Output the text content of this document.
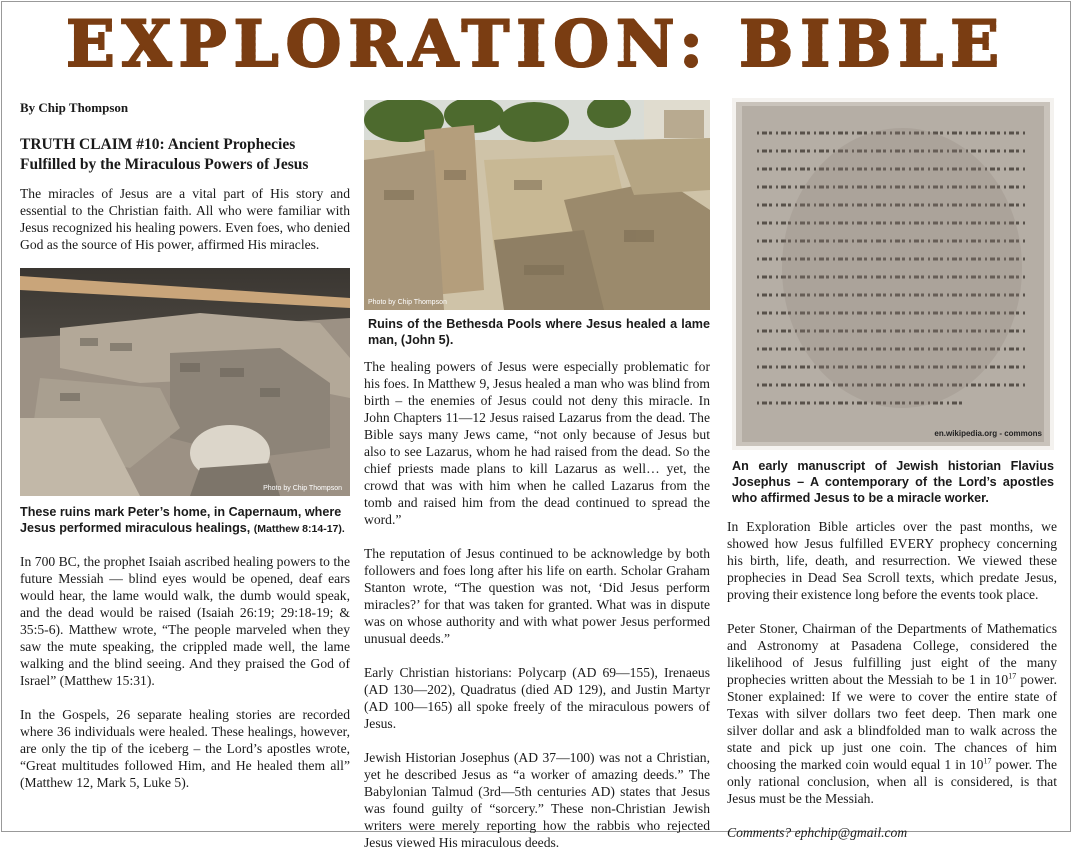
EXPLORATION: BIBLE
By Chip Thompson
TRUTH CLAIM #10: Ancient Prophecies Fulfilled by the Miraculous Powers of Jesus

The miracles of Jesus are a vital part of His story and essential to the Christian faith. All who were familiar with Jesus recognized his healing powers. Even foes, who denied God as the source of His power, affirmed His miracles.

Photo by Chip Thompson
These ruins mark Peter’s home, in Capernaum, where Jesus performed miraculous healings, (Matthew 8:14-17).

In 700 BC, the prophet Isaiah ascribed healing powers to the future Messiah — blind eyes would be opened, deaf ears would hear, the lame would walk, the dumb would speak, and the dead would be raised (Isaiah 26:19; 29:18-19; & 35:5-6). Matthew wrote, “The people marveled when they saw the mute speaking, the crippled made well, the lame walking and the blind seeing. And they praised the God of Israel” (Matthew 15:31).

In the Gospels, 26 separate healing stories are recorded where 36 individuals were healed. These healings, however, are only the tip of the iceberg – the Lord’s apostles wrote, “Great multitudes followed Him, and He healed them all” (Matthew 12, Mark 5, Luke 5).

Photo by Chip Thompson
Ruins of the Bethesda Pools where Jesus healed a lame man, (John 5).

The healing powers of Jesus were especially problematic for his foes. In Matthew 9, Jesus healed a man who was blind from birth – the enemies of Jesus could not deny this miracle. In John Chapters 11—12 Jesus raised Lazarus from the dead. The Bible says many Jews came, “not only because of Jesus but also to see Lazarus, whom he had raised from the dead. So the chief priests made plans to kill Lazarus as well… yet, the crowd that was with him when he called Lazarus from the tomb and raised him from the dead continued to spread the word.”

The reputation of Jesus continued to be acknowledge by both followers and foes long after his life on earth. Scholar Graham Stanton wrote, “The question was not, ‘Did Jesus perform miracles?’ for that was taken for granted. What was in dispute was on whose authority and with what power Jesus performed unusual deeds.”

Early Christian historians: Polycarp (AD 69—155), Irenaeus (AD 130—202), Quadratus (died AD 129), and Justin Martyr (AD 100—165) all spoke freely of the miraculous powers of Jesus.

Jewish Historian Josephus (AD 37—100) was not a Christian, yet he described Jesus as “a worker of amazing deeds.” The Babylonian Talmud (3rd—5th centuries AD) states that Jesus was found guilty of “sorcery.” These non-Christian Jewish writers were merely reporting how the rabbis who rejected Jesus viewed His miraculous deeds.

en.wikipedia.org - commons
An early manuscript of Jewish historian Flavius Josephus – A contemporary of the Lord’s apostles who affirmed Jesus to be a miracle worker.

In Exploration Bible articles over the past months, we showed how Jesus fulfilled EVERY prophecy concerning his birth, life, death, and resurrection. We viewed these prophecies in Dead Sea Scroll texts, which predate Jesus, proving their existence long before the events took place.

Peter Stoner, Chairman of the Departments of Mathematics and Astronomy at Pasadena College, considered the likelihood of Jesus fulfilling just eight of the many prophecies written about the Messiah to be 1 in $10^{17}$ power. Stoner explained: If we were to cover the entire state of Texas with silver dollars two feet deep. Then mark one silver dollar and ask a blindfolded man to walk across the state and pick up just one coin. The chances of him choosing the marked coin would equal 1 in $10^{17}$ power. The only rational conclusion, when all is considered, is that Jesus must be the Messiah.

Comments? ephchip@gmail.com
